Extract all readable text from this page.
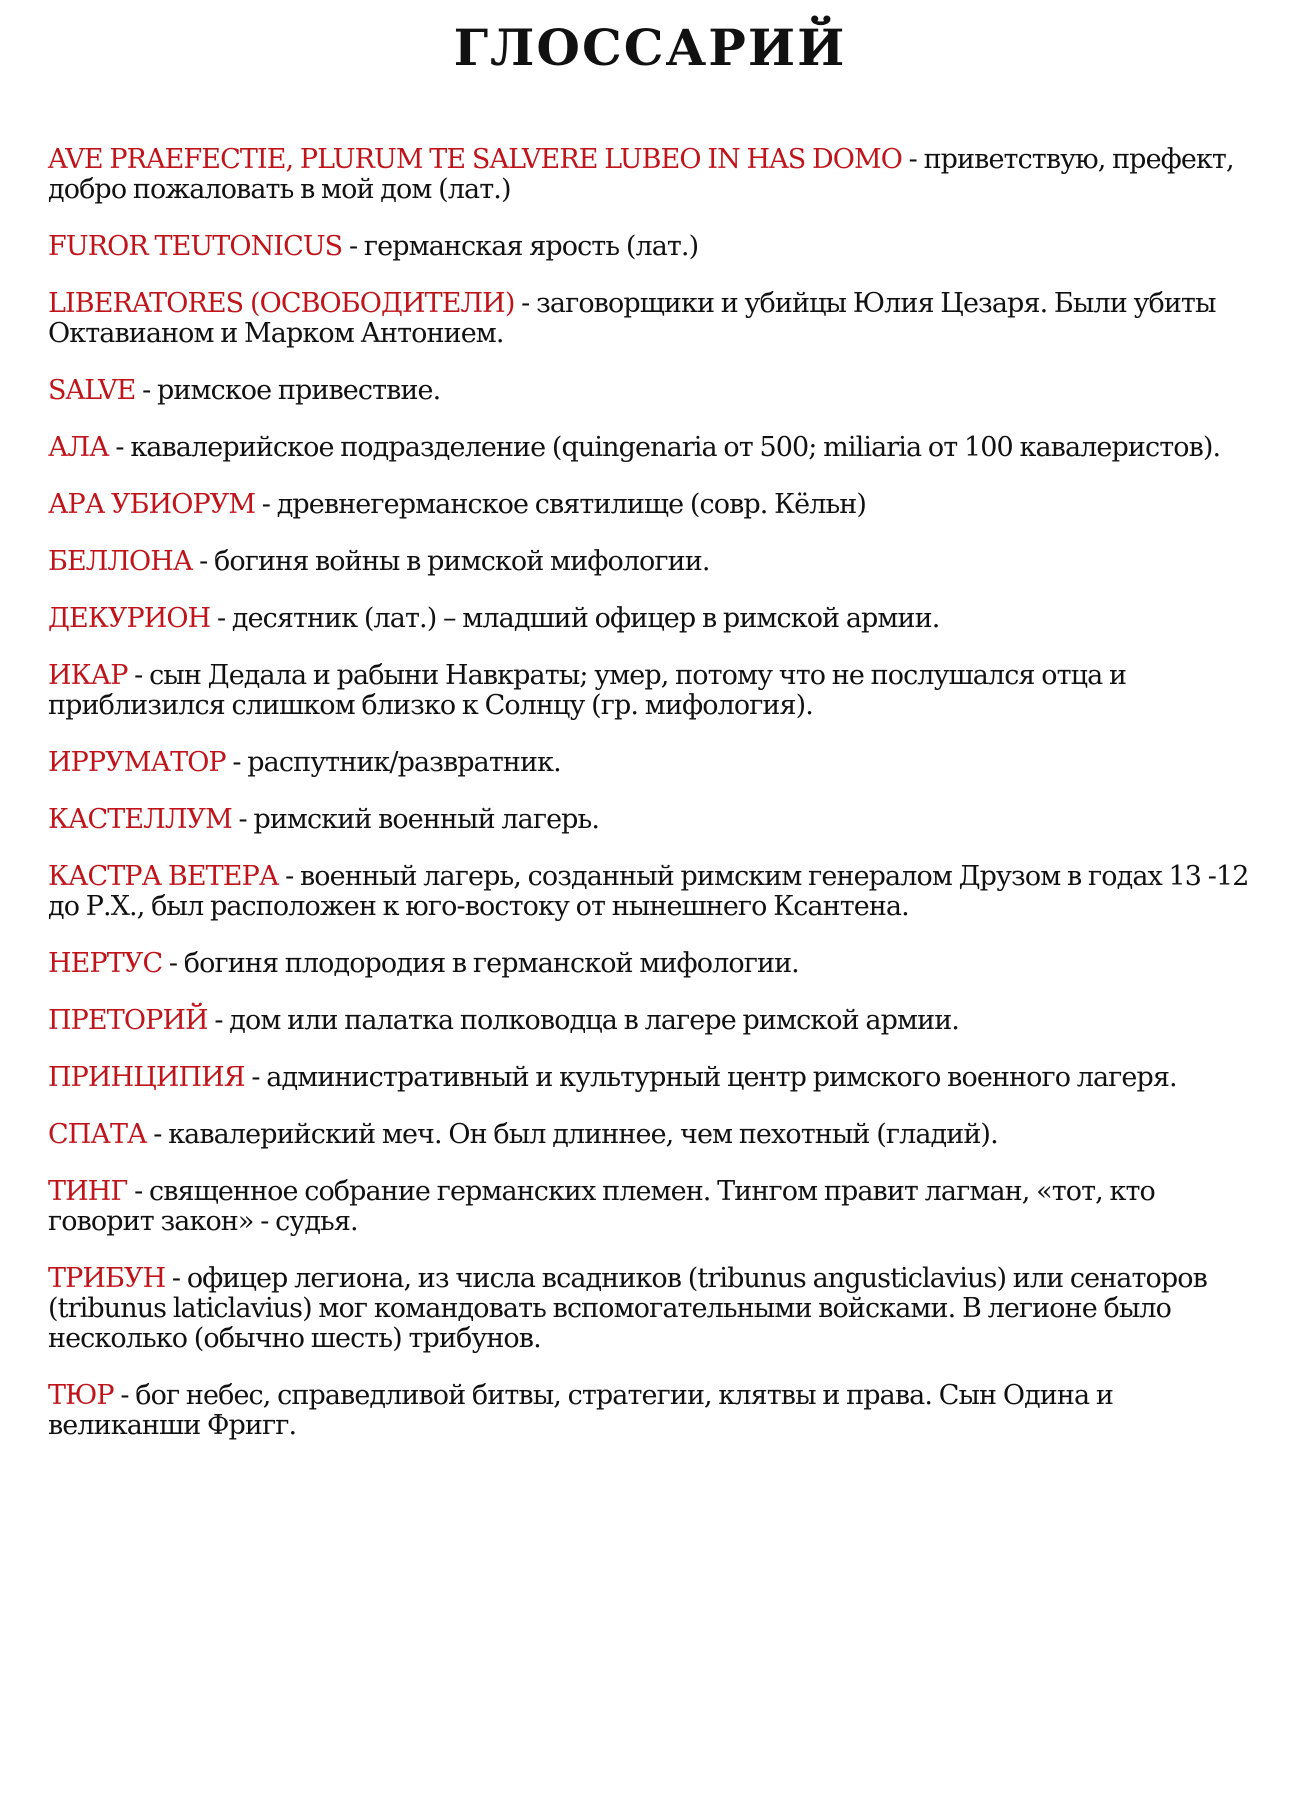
ГЛОССАРИЙ

AVE PRAEFECTIE, PLURUM TE SALVERE LUBEO IN HAS DOMO - приветствую, префект, добро пожаловать в мой дом (лат.)

FUROR TEUTONICUS - германская ярость (лат.)

LIBERATORES (ОСВОБОДИТЕЛИ) - заговорщики и убийцы Юлия Цезаря. Были убиты Октавианом и Марком Антонием.

SALVE - римское привествие.

АЛА - кавалерийское подразделение (quingenaria от 500; miliaria от 100 кавалеристов).

АРА УБИОРУМ - древнегерманское святилище (совр. Кёльн)

БЕЛЛОНА - богиня войны в римской мифологии.

ДЕКУРИОН - десятник (лат.) – младший офицер в римской армии.

ИКАР - сын Дедала и рабыни Навкраты; умер, потому что не послушался отца и приблизился слишком близко к Солнцу (гр. мифология).

ИРРУМАТОР - распутник/развратник.

КАСТЕЛЛУМ - римский военный лагерь.

КАСТРА ВЕТЕРА - военный лагерь, созданный римским генералом Друзом в годах 13 -12 до Р.Х., был расположен к юго-востоку от нынешнего Ксантена.

НЕРТУС - богиня плодородия в германской мифологии.

ПРЕТОРИЙ - дом или палатка полководца в лагере римской армии.

ПРИНЦИПИЯ - административный и культурный центр римского военного лагеря.

СПАТА - кавалерийский меч. Он был длиннее, чем пехотный (гладий).

ТИНГ - священное собрание германских племен. Тингом правит лагман, «тот, кто говорит закон» - судья.

ТРИБУН - офицер легиона, из числа всадников (tribunus angusticlavius) или сенаторов (tribunus laticlavius) мог командовать вспомогательными войсками. В легионе было несколько (обычно шесть) трибунов.

ТЮР - бог небес, справедливой битвы, стратегии, клятвы и права. Сын Одина и великанши Фригг.
